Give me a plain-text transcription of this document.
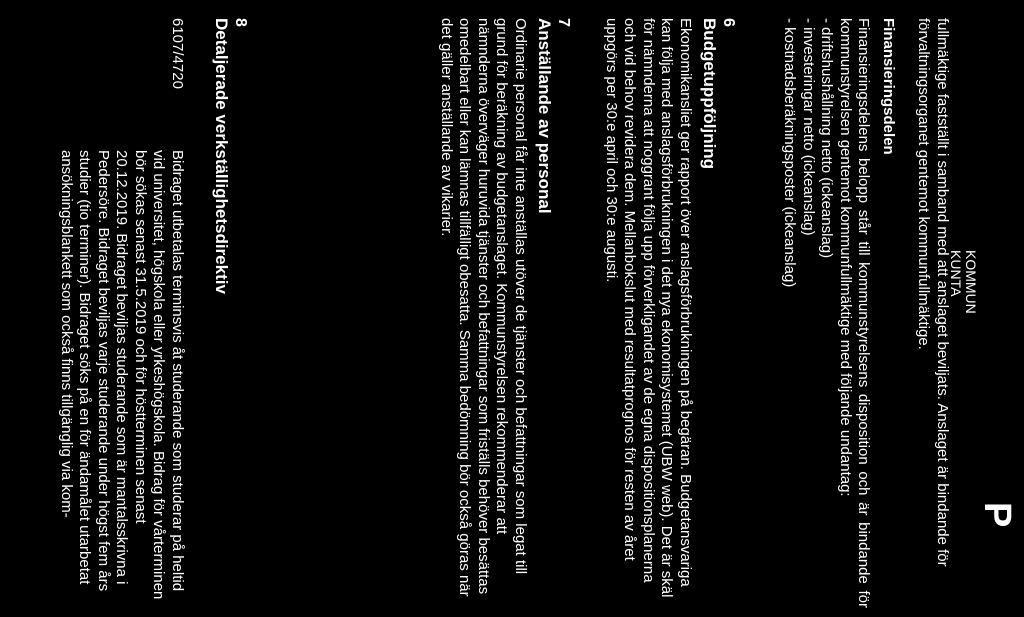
P
KOMMUN
KUNTA

fullmäktige fastställt i samband med att anslaget beviljats. Anslaget är bindande för förvaltningsorganet gentemot kommunfullmäktige.

Finansieringsdelen

Finansieringsdelens belopp står till kommunstyrelsens disposition och är bindande för kommunstyrelsen gentemot kommunfullmäktige med följande undantag:

- driftshushållning netto (ickeanslag)
- investeringar netto (ickeanslag)
- kostnadsberäkningsposter (ickeanslag)

6

Budgetuppföljning

Ekonomikansliet ger rapport över anslagsförbrukningen på begäran. Budgetansvariga kan följa med anslagsförbrukningen i det nya ekonomisystemet (UBW web). Det är skäl för nämnderna att noggrant följa upp förverkligandet av de egna dispositionsplanerna och vid behov revidera dem. Mellanbokslut med resultatprognos för resten av året uppgörs per 30:e april och 30:e augusti.

7

Anställande av personal

Ordinarie personal får inte anställas utöver de tjänster och befattningar som legat till grund för beräkning av budgetanslaget. Kommunstyrelsen rekommenderar att nämnderna överväger huruvida tjänster och befattningar som friställs behöver besättas omedelbart eller kan lämnas tillfälligt obesatta. Samma bedömning bör också göras när det gäller anställande av vikarier.

8

Detaljerade verkställighetsdirektiv

6107/4720

Bidraget utbetalas terminsvis åt studerande som studerar på heltid vid universitet, högskola eller yrkeshögskola. Bidrag för vårterminen bör sökas senast 31.5.2019 och för höstterminen senast 20.12.2019. Bidraget beviljas studerande som är mantalsskrivna i Pedersöre. Bidraget beviljas varje studerande under högst fem års studier (tio terminer). Bidraget söks på en för ändamålet utarbetat ansökningsblankett som också finns tillgänglig via kom-
